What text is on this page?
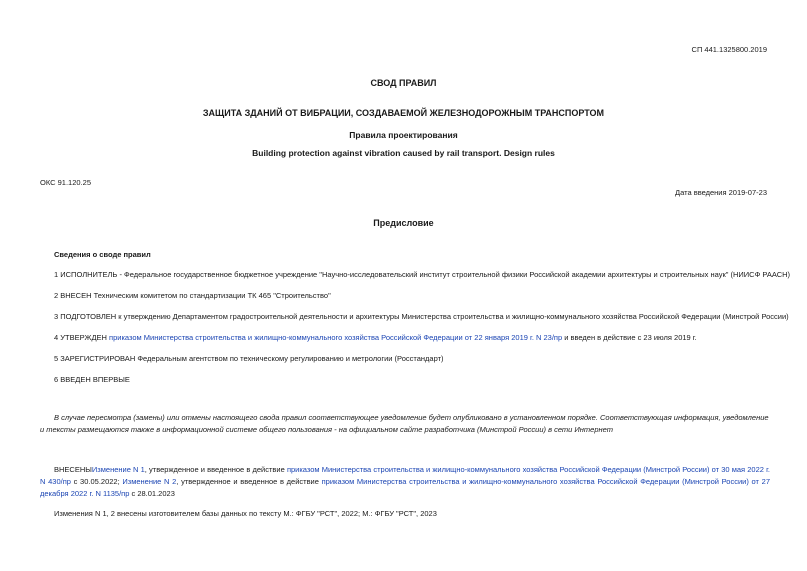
СП 441.1325800.2019
СВОД ПРАВИЛ
ЗАЩИТА ЗДАНИЙ ОТ ВИБРАЦИИ, СОЗДАВАЕМОЙ ЖЕЛЕЗНОДОРОЖНЫМ ТРАНСПОРТОМ
Правила проектирования
Building protection against vibration caused by rail transport. Design rules
ОКС 91.120.25
Дата введения 2019-07-23
Предисловие
Сведения о своде правил
1 ИСПОЛНИТЕЛЬ - Федеральное государственное бюджетное учреждение "Научно-исследовательский институт строительной физики Российской академии архитектуры и строительных наук" (НИИСФ РААСН)
2 ВНЕСЕН Техническим комитетом по стандартизации ТК 465 "Строительство"
3 ПОДГОТОВЛЕН к утверждению Департаментом градостроительной деятельности и архитектуры Министерства строительства и жилищно-коммунального хозяйства Российской Федерации (Минстрой России)
4 УТВЕРЖДЕН приказом Министерства строительства и жилищно-коммунального хозяйства Российской Федерации от 22 января 2019 г. N 23/пр и введен в действие с 23 июля 2019 г.
5 ЗАРЕГИСТРИРОВАН Федеральным агентством по техническому регулированию и метрологии (Росстандарт)
6 ВВЕДЕН ВПЕРВЫЕ
В случае пересмотра (замены) или отмены настоящего свода правил соответствующее уведомление будет опубликовано в установленном порядке. Соответствующая информация, уведомление и тексты размещаются также в информационной системе общего пользования - на официальном сайте разработчика (Минстрой России) в сети Интернет
ВНЕСЕНЫИзменение N 1, утвержденное и введенное в действие приказом Министерства строительства и жилищно-коммунального хозяйства Российской Федерации (Минстрой России) от 30 мая 2022 г. N 430/пр с 30.05.2022; Изменение N 2, утвержденное и введенное в действие приказом Министерства строительства и жилищно-коммунального хозяйства Российской Федерации (Минстрой России) от 27 декабря 2022 г. N 1135/пр с 28.01.2023
Изменения N 1, 2 внесены изготовителем базы данных по тексту М.: ФГБУ "РСТ", 2022; М.: ФГБУ "РСТ", 2023
